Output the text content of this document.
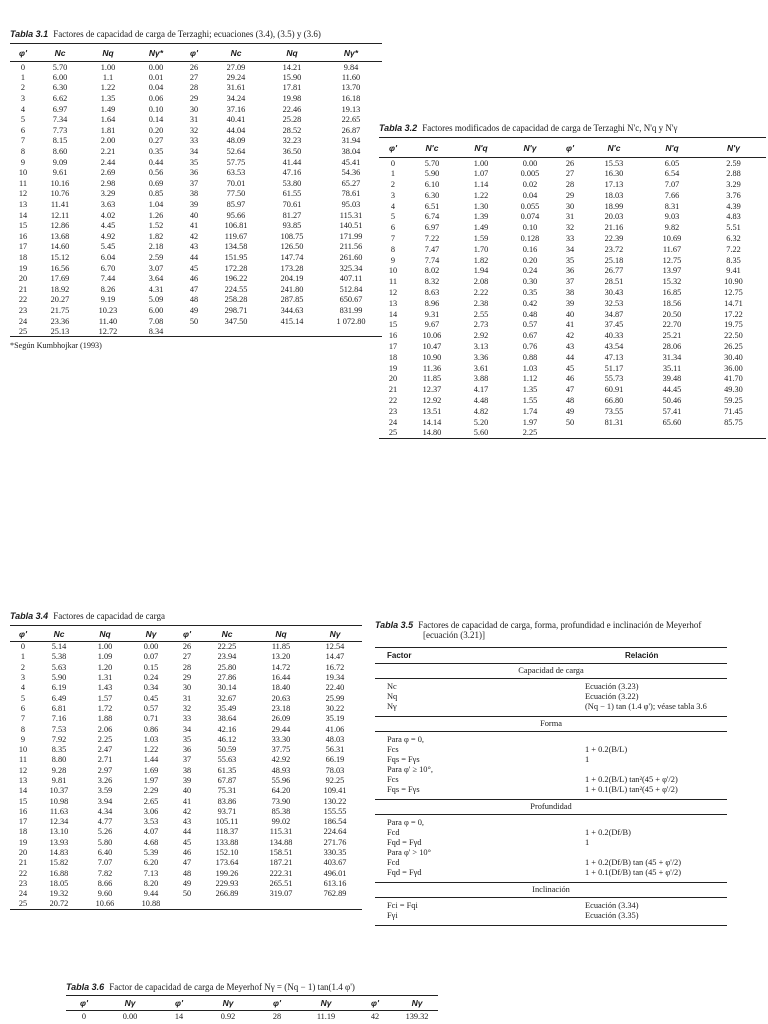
Tabla 3.1 Factores de capacidad de carga de Terzaghi; ecuaciones (3.4), (3.5) y (3.6)
φ'	Nc	Nq	Nγ*	φ'	Nc	Nq	Nγ*
0	5.70	1.00	0.00	26	27.09	14.21	9.84
1	6.00	1.1	0.01	27	29.24	15.90	11.60
2	6.30	1.22	0.04	28	31.61	17.81	13.70
3	6.62	1.35	0.06	29	34.24	19.98	16.18
4	6.97	1.49	0.10	30	37.16	22.46	19.13
5	7.34	1.64	0.14	31	40.41	25.28	22.65
6	7.73	1.81	0.20	32	44.04	28.52	26.87
7	8.15	2.00	0.27	33	48.09	32.23	31.94
8	8.60	2.21	0.35	34	52.64	36.50	38.04
9	9.09	2.44	0.44	35	57.75	41.44	45.41
10	9.61	2.69	0.56	36	63.53	47.16	54.36
11	10.16	2.98	0.69	37	70.01	53.80	65.27
12	10.76	3.29	0.85	38	77.50	61.55	78.61
13	11.41	3.63	1.04	39	85.97	70.61	95.03
14	12.11	4.02	1.26	40	95.66	81.27	115.31
15	12.86	4.45	1.52	41	106.81	93.85	140.51
16	13.68	4.92	1.82	42	119.67	108.75	171.99
17	14.60	5.45	2.18	43	134.58	126.50	211.56
18	15.12	6.04	2.59	44	151.95	147.74	261.60
19	16.56	6.70	3.07	45	172.28	173.28	325.34
20	17.69	7.44	3.64	46	196.22	204.19	407.11
21	18.92	8.26	4.31	47	224.55	241.80	512.84
22	20.27	9.19	5.09	48	258.28	287.85	650.67
23	21.75	10.23	6.00	49	298.71	344.63	831.99
24	23.36	11.40	7.08	50	347.50	415.14	1 072.80
25	25.13	12.72	8.34				
*Según Kumbhojkar (1993)
Tabla 3.2 Factores modificados de capacidad de carga de Terzaghi N'c, N'q y N'γ
φ'	N'c	N'q	N'γ	φ'	N'c	N'q	N'γ
0	5.70	1.00	0.00	26	15.53	6.05	2.59
1	5.90	1.07	0.005	27	16.30	6.54	2.88
2	6.10	1.14	0.02	28	17.13	7.07	3.29
3	6.30	1.22	0.04	29	18.03	7.66	3.76
4	6.51	1.30	0.055	30	18.99	8.31	4.39
5	6.74	1.39	0.074	31	20.03	9.03	4.83
6	6.97	1.49	0.10	32	21.16	9.82	5.51
7	7.22	1.59	0.128	33	22.39	10.69	6.32
8	7.47	1.70	0.16	34	23.72	11.67	7.22
9	7.74	1.82	0.20	35	25.18	12.75	8.35
10	8.02	1.94	0.24	36	26.77	13.97	9.41
11	8.32	2.08	0.30	37	28.51	15.32	10.90
12	8.63	2.22	0.35	38	30.43	16.85	12.75
13	8.96	2.38	0.42	39	32.53	18.56	14.71
14	9.31	2.55	0.48	40	34.87	20.50	17.22
15	9.67	2.73	0.57	41	37.45	22.70	19.75
16	10.06	2.92	0.67	42	40.33	25.21	22.50
17	10.47	3.13	0.76	43	43.54	28.06	26.25
18	10.90	3.36	0.88	44	47.13	31.34	30.40
19	11.36	3.61	1.03	45	51.17	35.11	36.00
20	11.85	3.88	1.12	46	55.73	39.48	41.70
21	12.37	4.17	1.35	47	60.91	44.45	49.30
22	12.92	4.48	1.55	48	66.80	50.46	59.25
23	13.51	4.82	1.74	49	73.55	57.41	71.45
24	14.14	5.20	1.97	50	81.31	65.60	85.75
25	14.80	5.60	2.25				
Tabla 3.4 Factores de capacidad de carga
φ'	Nc	Nq	Nγ	φ'	Nc	Nq	Nγ
0	5.14	1.00	0.00	26	22.25	11.85	12.54
1	5.38	1.09	0.07	27	23.94	13.20	14.47
2	5.63	1.20	0.15	28	25.80	14.72	16.72
3	5.90	1.31	0.24	29	27.86	16.44	19.34
4	6.19	1.43	0.34	30	30.14	18.40	22.40
5	6.49	1.57	0.45	31	32.67	20.63	25.99
6	6.81	1.72	0.57	32	35.49	23.18	30.22
7	7.16	1.88	0.71	33	38.64	26.09	35.19
8	7.53	2.06	0.86	34	42.16	29.44	41.06
9	7.92	2.25	1.03	35	46.12	33.30	48.03
10	8.35	2.47	1.22	36	50.59	37.75	56.31
11	8.80	2.71	1.44	37	55.63	42.92	66.19
12	9.28	2.97	1.69	38	61.35	48.93	78.03
13	9.81	3.26	1.97	39	67.87	55.96	92.25
14	10.37	3.59	2.29	40	75.31	64.20	109.41
15	10.98	3.94	2.65	41	83.86	73.90	130.22
16	11.63	4.34	3.06	42	93.71	85.38	155.55
17	12.34	4.77	3.53	43	105.11	99.02	186.54
18	13.10	5.26	4.07	44	118.37	115.31	224.64
19	13.93	5.80	4.68	45	133.88	134.88	271.76
20	14.83	6.40	5.39	46	152.10	158.51	330.35
21	15.82	7.07	6.20	47	173.64	187.21	403.67
22	16.88	7.82	7.13	48	199.26	222.31	496.01
23	18.05	8.66	8.20	49	229.93	265.51	613.16
24	19.32	9.60	9.44	50	266.89	319.07	762.89
25	20.72	10.66	10.88				
Tabla 3.5 Factores de capacidad de carga, forma, profundidad e inclinación de Meyerhof
[ecuación (3.21)]
Factor	Relación
Capacidad de carga
Nc	Ecuación (3.23)
Nq	Ecuación (3.22)
Nγ	(Nq − 1) tan (1.4 φ'); véase tabla 3.6
Forma
Para φ = 0,
Fcs	1 + 0.2(B/L)
Fqs = Fγs	1
Para φ' ≥ 10°,
Fcs	1 + 0.2(B/L) tan²(45 + φ'/2)
Fqs = Fγs	1 + 0.1(B/L) tan²(45 + φ'/2)
Profundidad
Para φ = 0,
Fcd	1 + 0.2(Df/B)
Fqd = Fγd	1
Para φ' > 10°
Fcd	1 + 0.2(Df/B) tan (45 + φ'/2)
Fqd = Fγd	1 + 0.1(Df/B) tan (45 + φ'/2)
Inclinación
Fci = Fqi	Ecuación (3.34)
Fγi	Ecuación (3.35)
Tabla 3.6 Factor de capacidad de carga de Meyerhof Nγ = (Nq − 1) tan(1.4 φ')
φ'	Nγ	φ'	Nγ	φ'	Nγ	φ'	Nγ
0	0.00	14	0.92	28	11.19	42	139.32
